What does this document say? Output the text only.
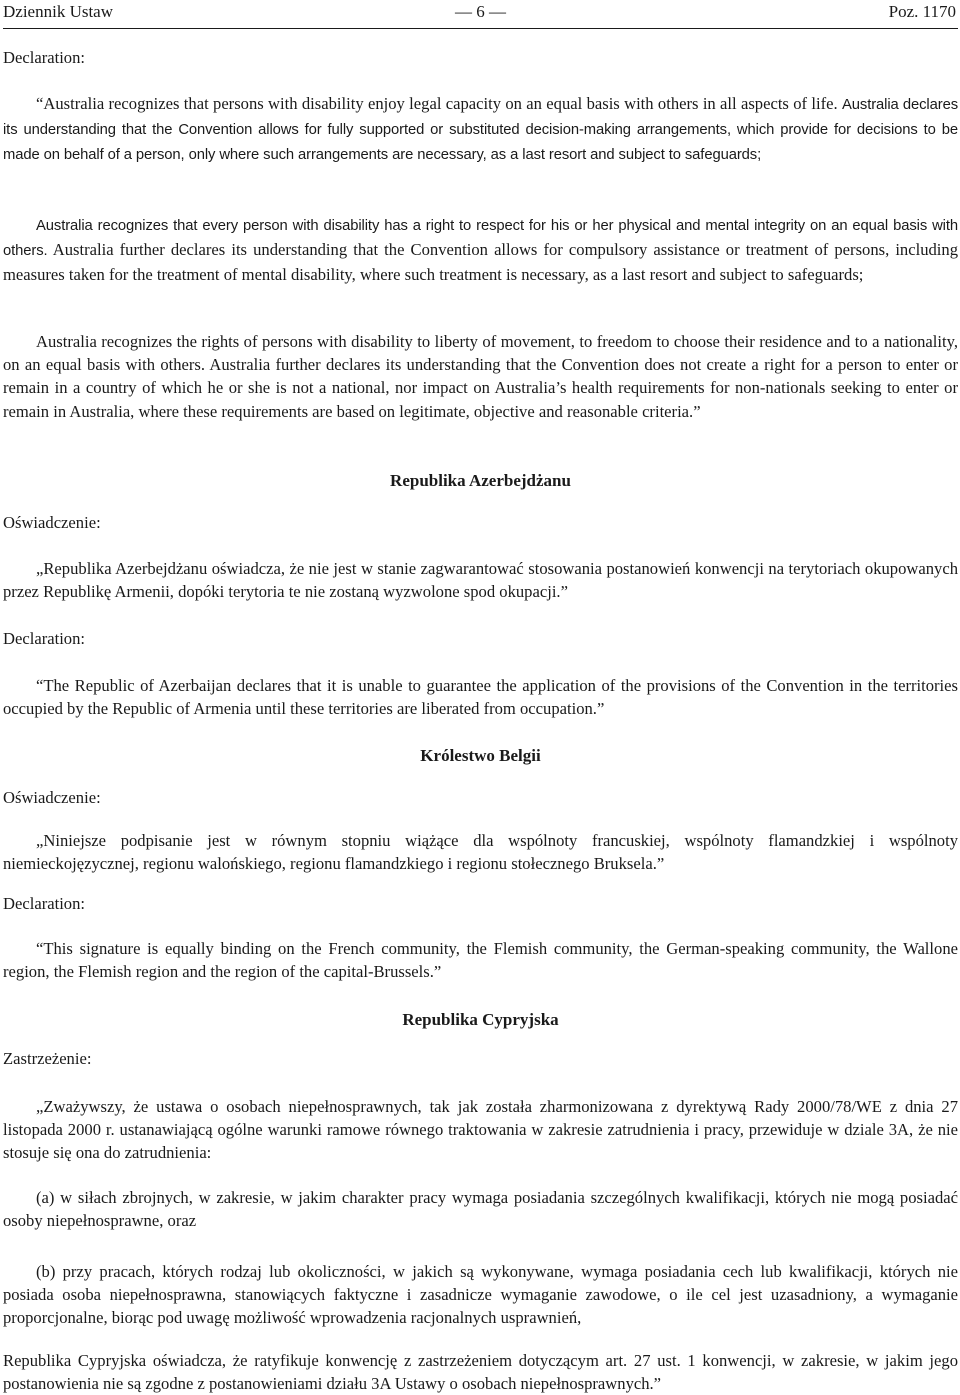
Dziennik Ustaw	— 6 —	Poz. 1170
Declaration:
“Australia recognizes that persons with disability enjoy legal capacity on an equal basis with others in all aspects of life. Australia declares its understanding that the Convention allows for fully supported or substituted decision-making arrangements, which provide for decisions to be made on behalf of a person, only where such arrangements are necessary, as a last resort and subject to safeguards;
Australia recognizes that every person with disability has a right to respect for his or her physical and mental integrity on an equal basis with others. Australia further declares its understanding that the Convention allows for compulsory assistance or treatment of persons, including measures taken for the treatment of mental disability, where such treatment is necessary, as a last resort and subject to safeguards;
Australia recognizes the rights of persons with disability to liberty of movement, to freedom to choose their residence and to a nationality, on an equal basis with others. Australia further declares its understanding that the Convention does not create a right for a person to enter or remain in a country of which he or she is not a national, nor impact on Australia’s health requirements for non-nationals seeking to enter or remain in Australia, where these requirements are based on legitimate, objective and reasonable criteria.”
Republika Azerbejdżanu
Oświadczenie:
„Republika Azerbejdżanu oświadcza, że nie jest w stanie zagwarantować stosowania postanowień konwencji na terytoriach okupowanych przez Republikę Armenii, dopóki terytoria te nie zostaną wyzwolone spod okupacji.”
Declaration:
“The Republic of Azerbaijan declares that it is unable to guarantee the application of the provisions of the Convention in the territories occupied by the Republic of Armenia until these territories are liberated from occupation.”
Królestwo Belgii
Oświadczenie:
„Niniejsze podpisanie jest w równym stopniu wiążące dla wspólnoty francuskiej, wspólnoty flamandzkiej i wspólnoty niemieckojęzycznej, regionu walońskiego, regionu flamandzkiego i regionu stołecznego Bruksela.”
Declaration:
“This signature is equally binding on the French community, the Flemish community, the German-speaking community, the Wallone region, the Flemish region and the region of the capital-Brussels.”
Republika Cypryjska
Zastrzeżenie:
„Zważywszy, że ustawa o osobach niepełnosprawnych, tak jak została zharmonizowana z dyrektywą Rady 2000/78/WE z dnia 27 listopada 2000 r. ustanawiającą ogólne warunki ramowe równego traktowania w zakresie zatrudnienia i pracy, przewiduje w dziale 3A, że nie stosuje się ona do zatrudnienia:
(a) w siłach zbrojnych, w zakresie, w jakim charakter pracy wymaga posiadania szczególnych kwalifikacji, których nie mogą posiadać osoby niepełnosprawne, oraz
(b) przy pracach, których rodzaj lub okoliczności, w jakich są wykonywane, wymaga posiadania cech lub kwalifikacji, których nie posiada osoba niepełnosprawna, stanowiących faktyczne i zasadnicze wymaganie zawodowe, o ile cel jest uzasadniony, a wymaganie proporcjonalne, biorąc pod uwagę możliwość wprowadzenia racjonalnych usprawnień,
Republika Cypryjska oświadcza, że ratyfikuje konwencję z zastrzeżeniem dotyczącym art. 27 ust. 1 konwencji, w zakresie, w jakim jego postanowienia nie są zgodne z postanowieniami działu 3A Ustawy o osobach niepełnosprawnych.”
